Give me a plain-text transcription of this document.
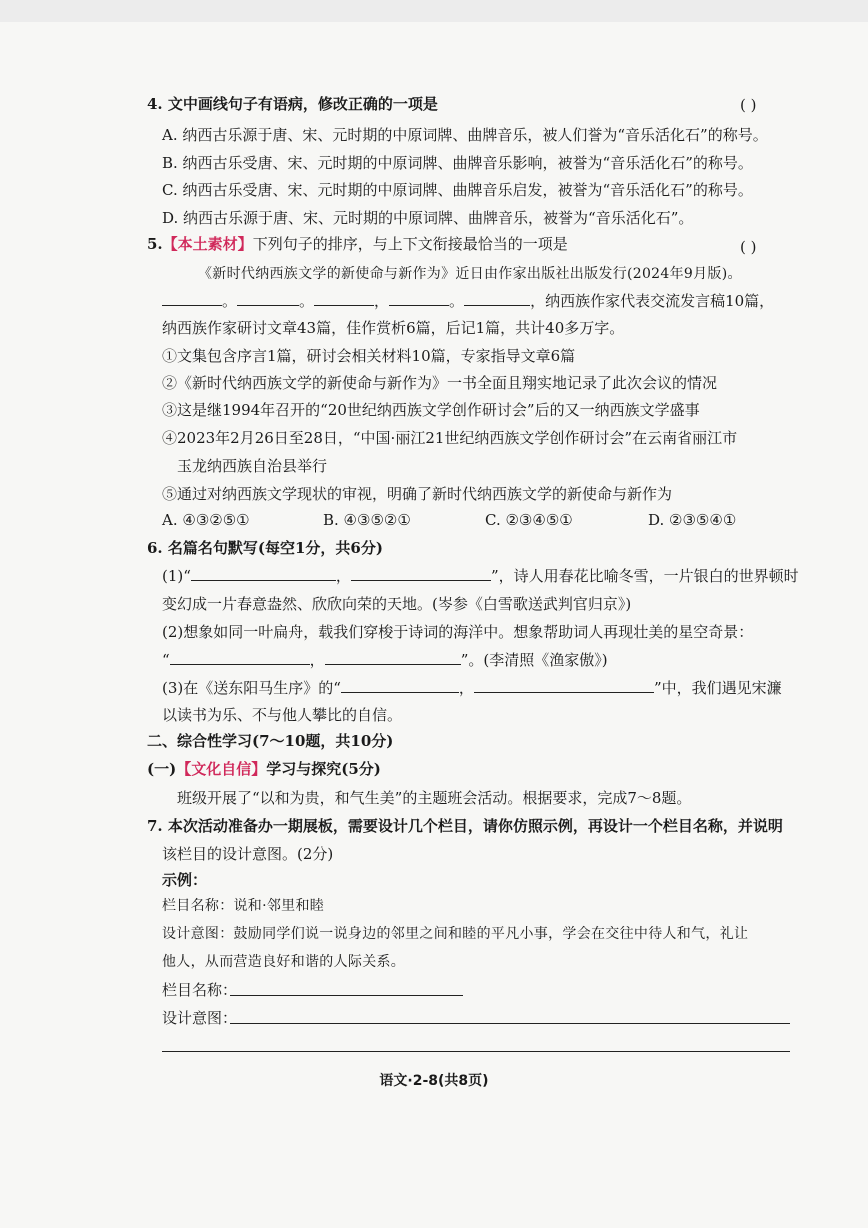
4. 文中画线句子有语病，修改正确的一项是	( )
A. 纳西古乐源于唐、宋、元时期的中原词牌、曲牌音乐，被人们誉为“音乐活化石”的称号。
B. 纳西古乐受唐、宋、元时期的中原词牌、曲牌音乐影响，被誉为“音乐活化石”的称号。
C. 纳西古乐受唐、宋、元时期的中原词牌、曲牌音乐启发，被誉为“音乐活化石”的称号。
D. 纳西古乐源于唐、宋、元时期的中原词牌、曲牌音乐，被誉为“音乐活化石”。
5.【本土素材】下列句子的排序，与上下文衔接最恰当的一项是	( )
《新时代纳西族文学的新使命与新作为》近日由作家出版社出版发行(2024年9月版)。
。	。	，	。	，纳西族作家代表交流发言稿10篇，
纳西族作家研讨文章43篇，佳作赏析6篇，后记1篇，共计40多万字。
①文集包含序言1篇，研讨会相关材料10篇，专家指导文章6篇
②《新时代纳西族文学的新使命与新作为》一书全面且翔实地记录了此次会议的情况
③这是继1994年召开的“20世纪纳西族文学创作研讨会”后的又一纳西族文学盛事
④2023年2月26日至28日，“中国·丽江21世纪纳西族文学创作研讨会”在云南省丽江市
玉龙纳西族自治县举行
⑤通过对纳西族文学现状的审视，明确了新时代纳西族文学的新使命与新作为
A. ④③②⑤①	B. ④③⑤②①	C. ②③④⑤①	D. ②③⑤④①
6. 名篇名句默写(每空1分，共6分)
(1)“	，	”，诗人用春花比喻冬雪，一片银白的世界顿时
变幻成一片春意盎然、欣欣向荣的天地。(岑参《白雪歌送武判官归京》)
(2)想象如同一叶扁舟，载我们穿梭于诗词的海洋中。想象帮助词人再现壮美的星空奇景：
“	，	”。(李清照《渔家傲》)
(3)在《送东阳马生序》的“	，	”中，我们遇见宋濂
以读书为乐、不与他人攀比的自信。
二、综合性学习(7～10题，共10分)
(一)【文化自信】学习与探究(5分)
班级开展了“以和为贵，和气生美”的主题班会活动。根据要求，完成7～8题。
7. 本次活动准备办一期展板，需要设计几个栏目，请你仿照示例，再设计一个栏目名称，并说明
该栏目的设计意图。(2分)
示例：
栏目名称：说和·邻里和睦
设计意图：鼓励同学们说一说身边的邻里之间和睦的平凡小事，学会在交往中待人和气，礼让
他人，从而营造良好和谐的人际关系。
栏目名称：
设计意图：
语文·2-8(共8页)
